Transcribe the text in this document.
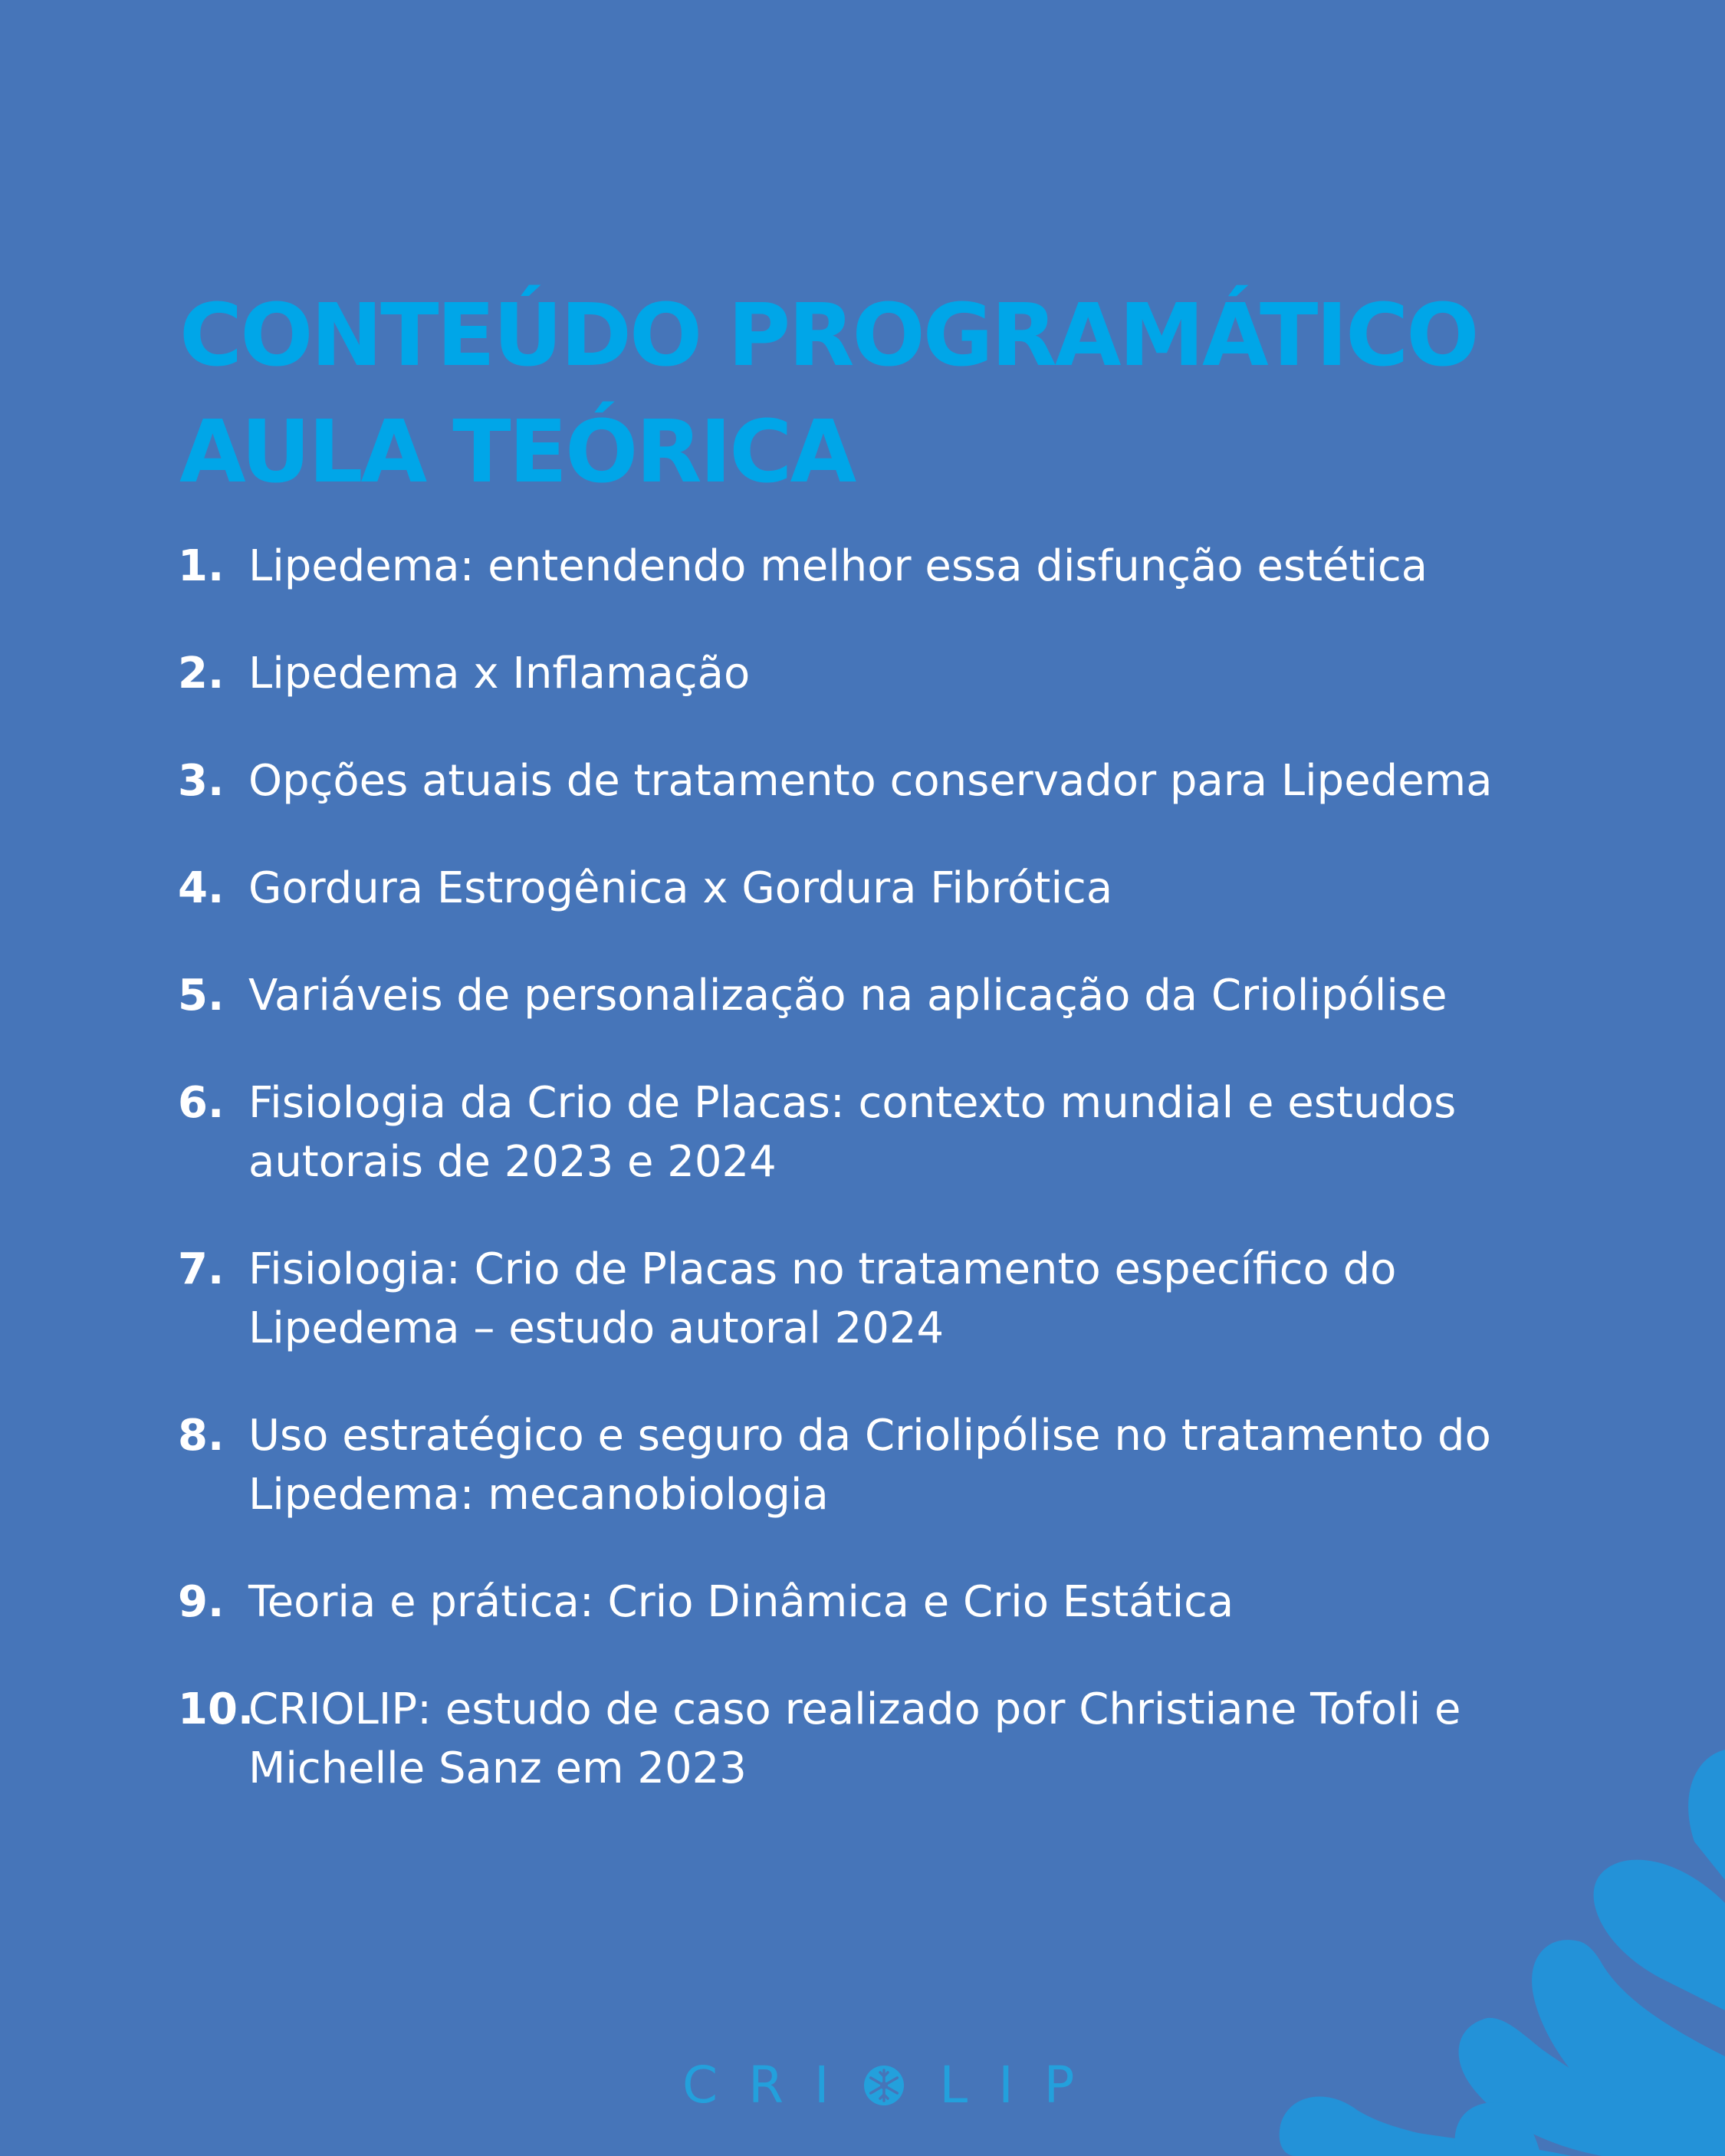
CONTEÚDO PROGRAMÁTICO
AULA TEÓRICA
1. Lipedema: entendendo melhor essa disfunção estética
2. Lipedema x Inflamação
3. Opções atuais de tratamento conservador para Lipedema
4. Gordura Estrogênica x Gordura Fibrótica
5. Variáveis de personalização na aplicação da Criolipólise
6. Fisiologia da Crio de Placas: contexto mundial e estudos autorais de 2023 e 2024
7. Fisiologia: Crio de Placas no tratamento específico do Lipedema – estudo autoral 2024
8. Uso estratégico e seguro da Criolipólise no tratamento do Lipedema: mecanobiologia
9. Teoria e prática: Crio Dinâmica e Crio Estática
10.
CRIOLIP: estudo de caso realizado por Christiane Tofoli e Michelle Sanz em 2023
CRI LIP
